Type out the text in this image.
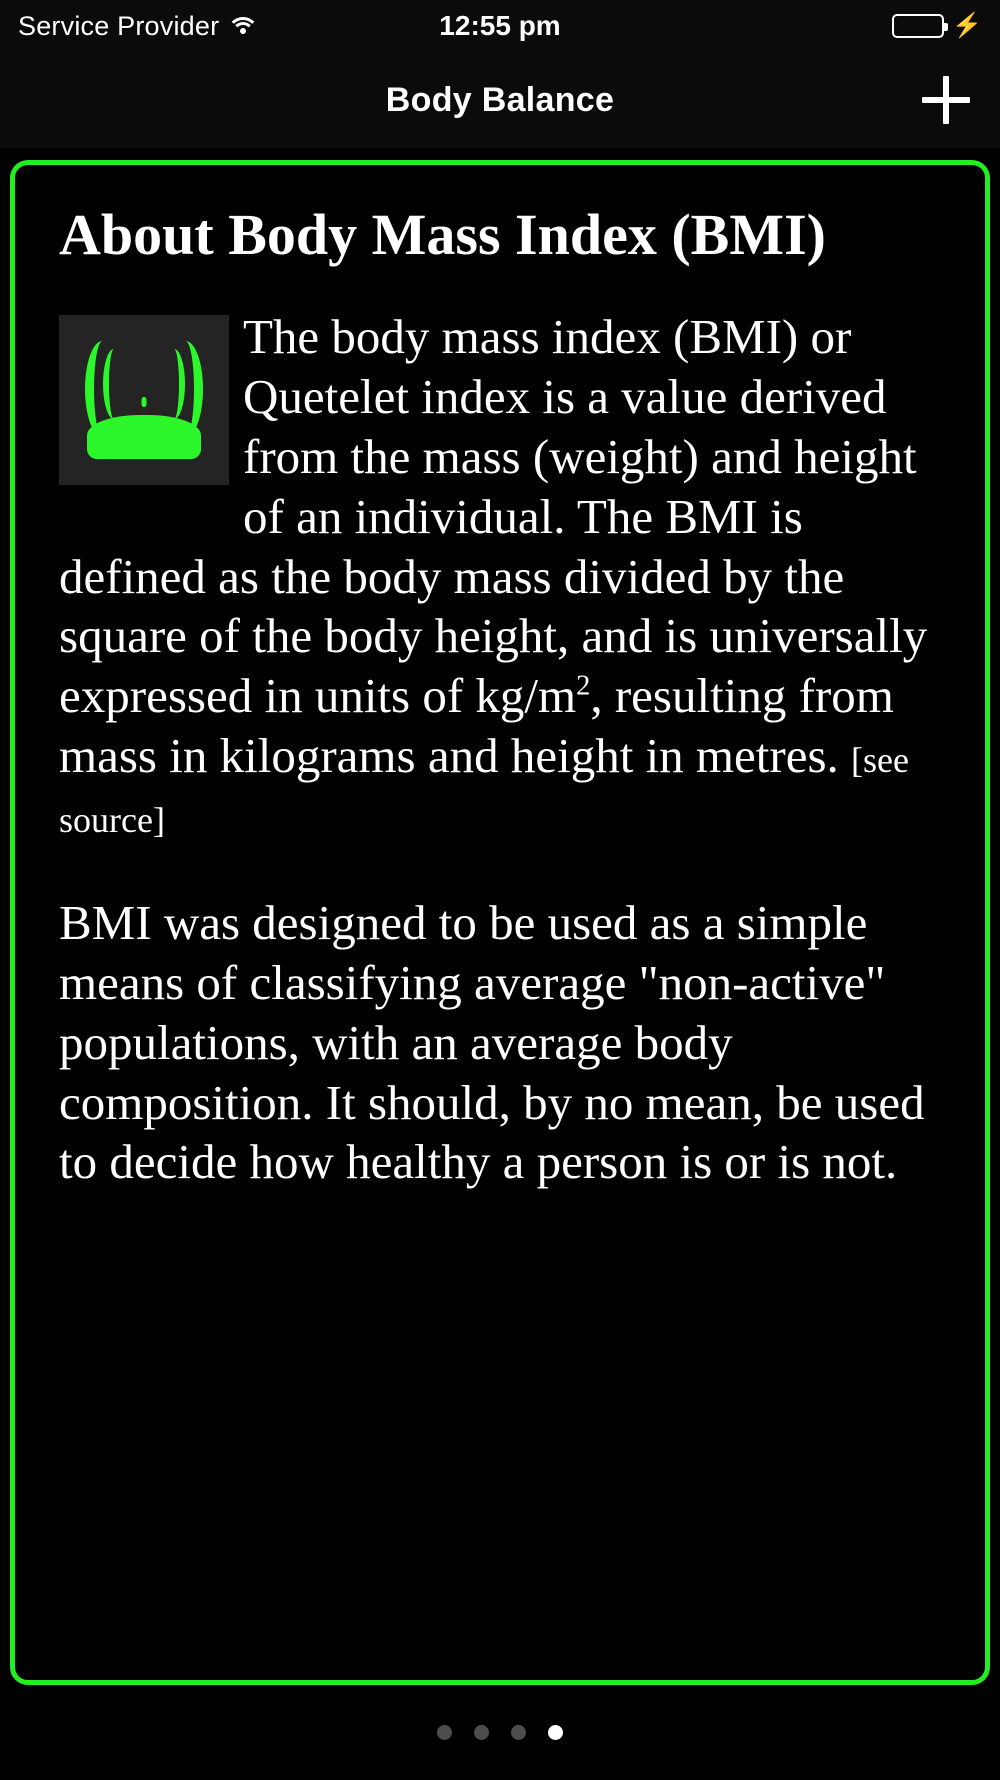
Service Provider	12:55 pm	⚡
Body Balance
About Body Mass Index (BMI)

The body mass index (BMI) or Quetelet index is a value derived from the mass (weight) and height of an individual. The BMI is defined as the body mass divided by the square of the body height, and is universally expressed in units of $kg/m^2$, resulting from mass in kilograms and height in metres. [see source]

BMI was designed to be used as a simple means of classifying average "non-active" populations, with an average body composition. It should, by no mean, be used to decide how healthy a person is or is not.
